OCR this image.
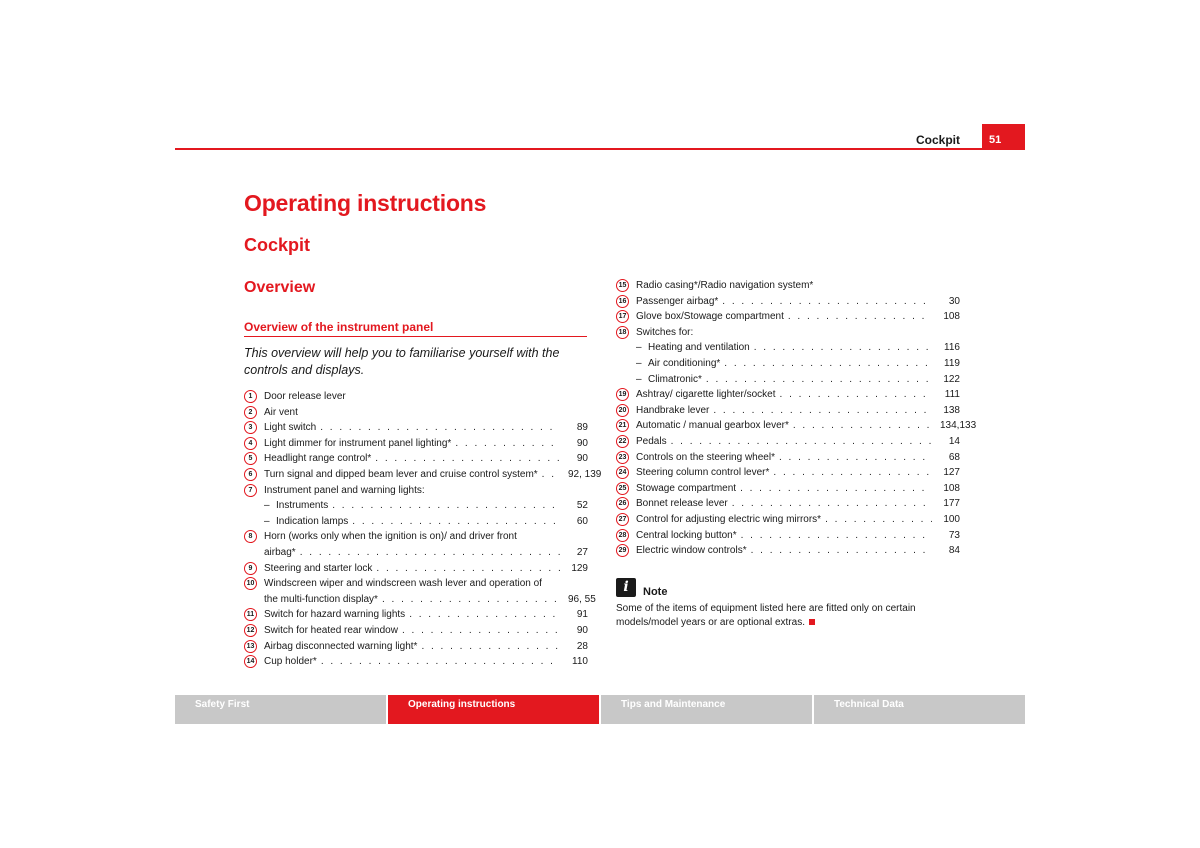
Cockpit	51
Operating instructions
Cockpit
Overview
Overview of the instrument panel
This overview will help you to familiarise yourself with the controls and displays.
1	Door release lever
2	Air vent
3	Light switch . . .	89
4	Light dimmer for instrument panel lighting* . . .	90
5	Headlight range control* . . .	90
6	Turn signal and dipped beam lever and cruise control system* . . .	92, 139
7	Instrument panel and warning lights:
– Instruments . . .	52
– Indication lamps . . .	60
8	Horn (works only when the ignition is on)/ and driver front
airbag* . . .	27
9	Steering and starter lock . . .	129
10 Windscreen wiper and windscreen wash lever and operation of
the multi-function display* . . .	96, 55
11 Switch for hazard warning lights . . .	91
12 Switch for heated rear window . . .	90
13 Airbag disconnected warning light* . . .	28
14 Cup holder* . . .	110
15 Radio casing*/Radio navigation system*
16 Passenger airbag* . . .	30
17 Glove box/Stowage compartment . . .	108
18 Switches for:
– Heating and ventilation . . .	116
– Air conditioning* . . .	119
– Climatronic* . . .	122
19 Ashtray/ cigarette lighter/socket . . .	111
20 Handbrake lever . . .	138
21 Automatic / manual gearbox lever* . . .	134,133
22 Pedals . . .	14
23 Controls on the steering wheel* . . .	68
24 Steering column control lever* . . .	127
25 Stowage compartment . . .	108
26 Bonnet release lever . . .	177
27 Control for adjusting electric wing mirrors* . . .	100
28 Central locking button* . . .	73
29 Electric window controls* . . .	84
i	Note
Some of the items of equipment listed here are fitted only on certain models/model years or are optional extras.
Safety First	Operating instructions	Tips and Maintenance	Technical Data
